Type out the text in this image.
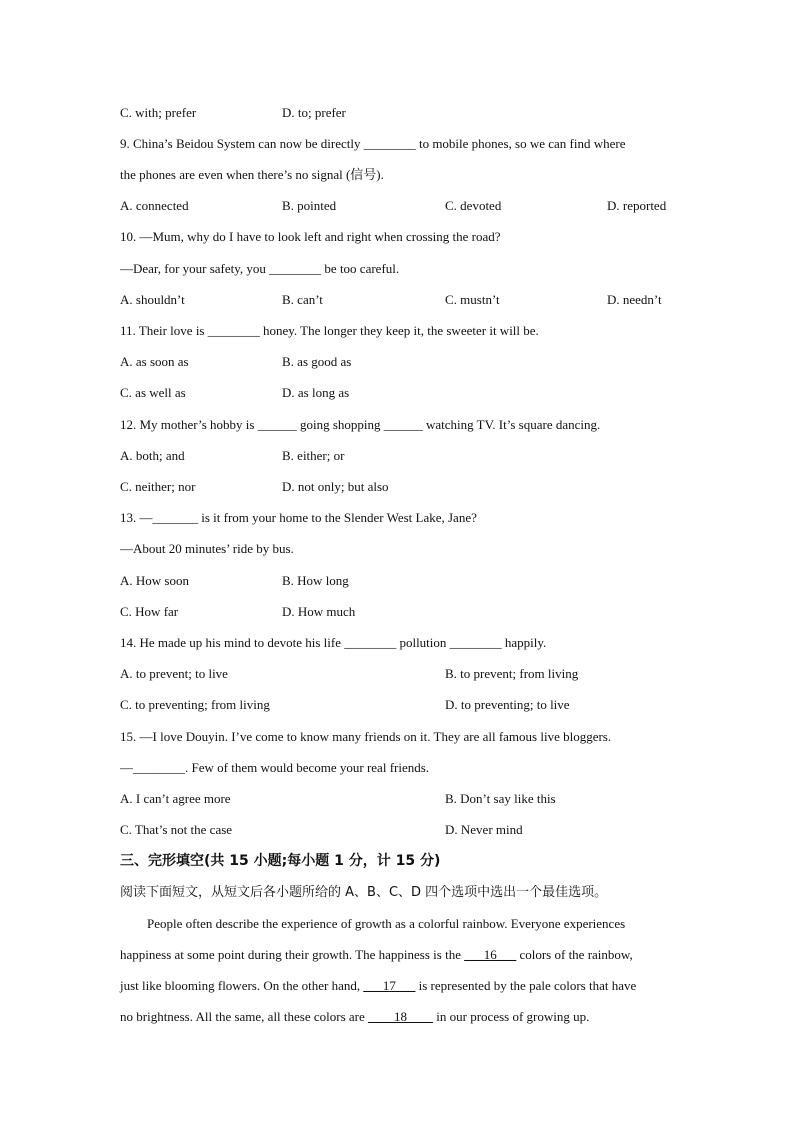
C. with; prefer	D. to; prefer
9. China’s Beidou System can now be directly ________ to mobile phones, so we can find where
the phones are even when there’s no signal (信号).
A. connected	B. pointed	C. devoted	D. reported
10. —Mum, why do I have to look left and right when crossing the road?
—Dear, for your safety, you ________ be too careful.
A. shouldn’t	B. can’t	C. mustn’t	D. needn’t
11. Their love is ________ honey. The longer they keep it, the sweeter it will be.
A. as soon as	B. as good as
C. as well as	D. as long as
12. My mother’s hobby is ______ going shopping ______ watching TV. It’s square dancing.
A. both; and	B. either; or
C. neither; nor	D. not only; but also
13. —_______ is it from your home to the Slender West Lake, Jane?
—About 20 minutes’ ride by bus.
A. How soon	B. How long
C. How far	D. How much
14. He made up his mind to devote his life ________ pollution ________ happily.
A. to prevent; to live	B. to prevent; from living
C. to preventing; from living	D. to preventing; to live
15. —I love Douyin. I’ve come to know many friends on it. They are all famous live bloggers.
—________. Few of them would become your real friends.
A. I can’t agree more	B. Don’t say like this
C. That’s not the case	D. Never mind
三、完形填空(共 15 小题;每小题 1 分，计 15 分)
阅读下面短文，从短文后各小题所给的 A、B、C、D 四个选项中选出一个最佳选项。
People often describe the experience of growth as a colorful rainbow. Everyone experiences
happiness at some point during their growth. The happiness is the ___16___ colors of the rainbow,
just like blooming flowers. On the other hand, ___17___ is represented by the pale colors that have
no brightness. All the same, all these colors are ____18____ in our process of growing up.
